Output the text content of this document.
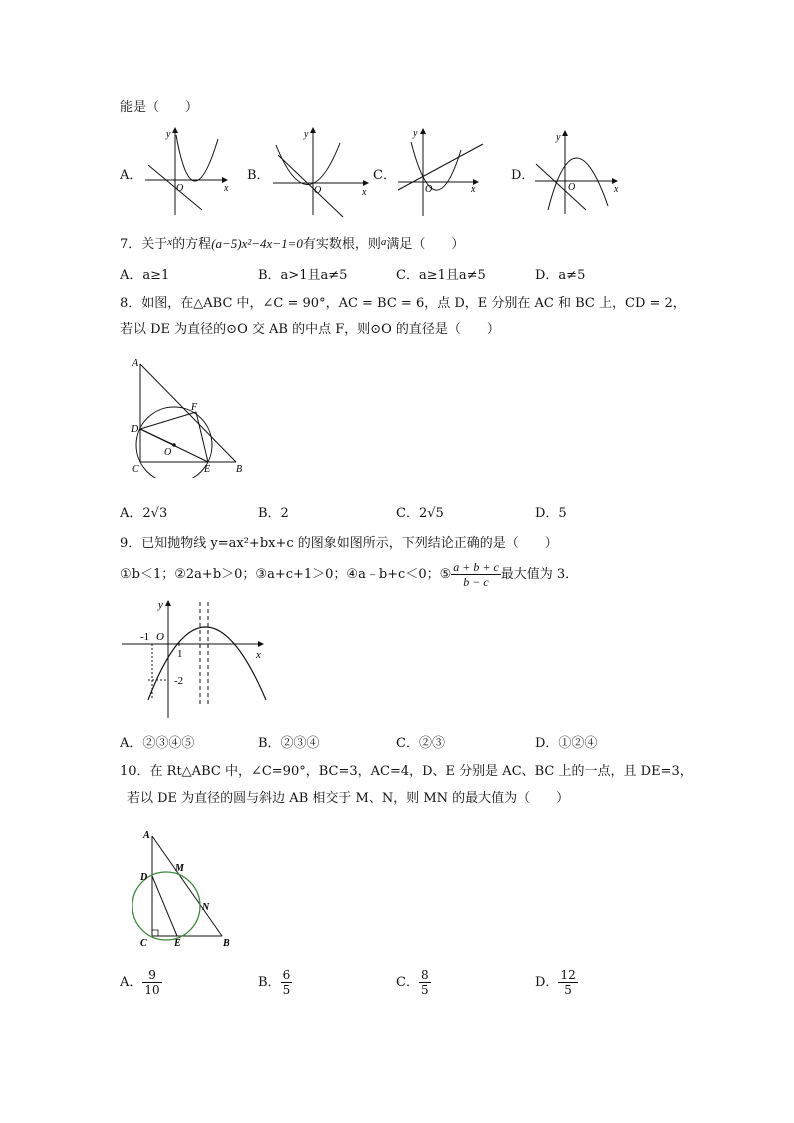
能是（　　）
A．
y
x
O
B．
y
x
O
C．
y
x
O
D．
y
x
O
7．关于$^x$的方程(a−5)x²−4x−1=0有实数根，则$^a$满足（　　）
A．a≥1	B．a>1且a≠5	C．a≥1且a≠5	D．a≠5
8．如图，在△ABC 中，∠C = 90°，AC = BC = 6，点 D，E 分别在 AC 和 BC 上，CD = 2，
若以 DE 为直径的⊙O 交 AB 的中点 F，则⊙O 的直径是（　　）
A
D
C	E	B
F
O
A．2√3	B．2	C．2√5	D．5
9．已知抛物线 y=ax²+bx+c 的图象如图所示，下列结论正确的是（　　）
①b＜1；②2a+b＞0；③a+c+1＞0；④a﹣b+c＜0；⑤ $\frac{a + b + c}{b - c}$ 最大值为 3．
y
x
-1 O
1
-2
A．②③④⑤	B．②③④	C．②③	D．①②④
10．在 Rt△ABC 中，∠C=90°，BC=3，AC=4，D、E 分别是 AC、BC 上的一点，且 DE=3，
若以 DE 为直径的圆与斜边 AB 相交于 M、N，则 MN 的最大值为（　　）
A
D
C	E	B
M
N
A． $\frac{9}{10}$	B． $\frac{6}{5}$	C． $\frac{8}{5}$	D． $\frac{12}{5}$
